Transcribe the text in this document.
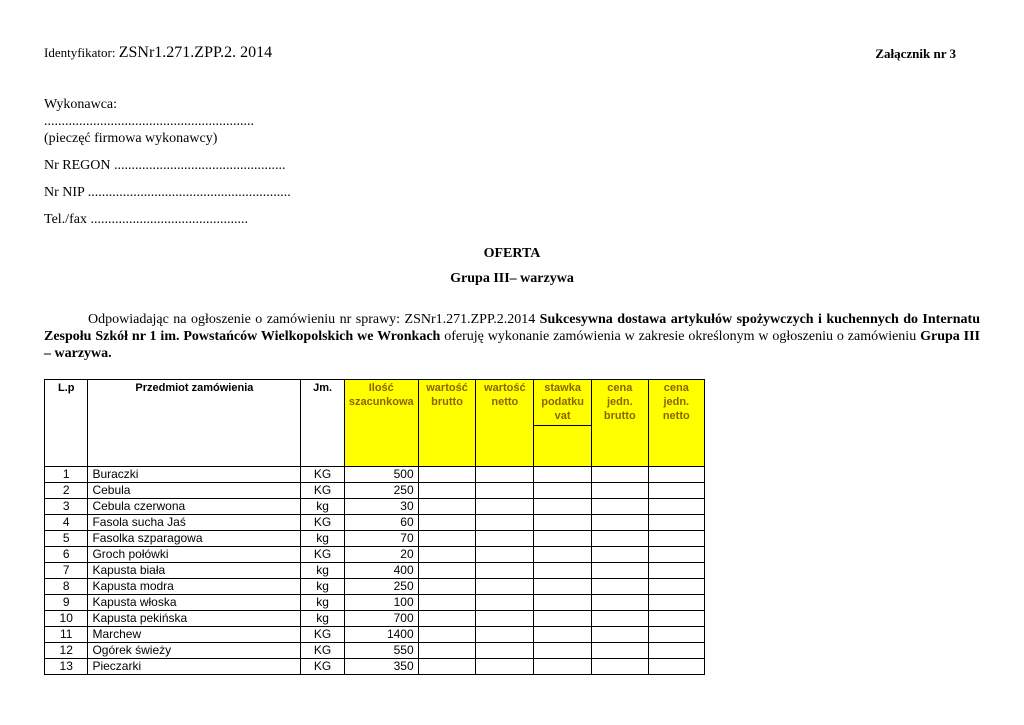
Identyfikator: ZSNr1.271.ZPP.2. 2014	Załącznik nr 3
Wykonawca:
............................................................
(pieczęć firmowa wykonawcy)
Nr REGON .................................................
Nr NIP ..........................................................
Tel./fax .............................................
OFERTA
Grupa III– warzywa
Odpowiadając na ogłoszenie o zamówieniu nr sprawy: ZSNr1.271.ZPP.2.2014 Sukcesywna dostawa artykułów spożywczych i kuchennych do Internatu Zespołu Szkół nr 1 im. Powstańców Wielkopolskich we Wronkach oferuję wykonanie zamówienia w zakresie określonym w ogłoszeniu o zamówieniu Grupa III – warzywa.
L.p	Przedmiot zamówienia	Jm.	Ilość szacunkowa	wartość brutto	wartość netto	stawka podatku vat	cena jedn. brutto	cena jedn. netto

1	Buraczki	KG	500					
2	Cebula	KG	250					
3	Cebula czerwona	kg	30					
4	Fasola sucha Jaś	KG	60					
5	Fasolka szparagowa	kg	70					
6	Groch połówki	KG	20					
7	Kapusta biała	kg	400					
8	Kapusta modra	kg	250					
9	Kapusta włoska	kg	100					
10	Kapusta pekińska	kg	700					
11	Marchew	KG	1400					
12	Ogórek świeży	KG	550					
13	Pieczarki	KG	350					
